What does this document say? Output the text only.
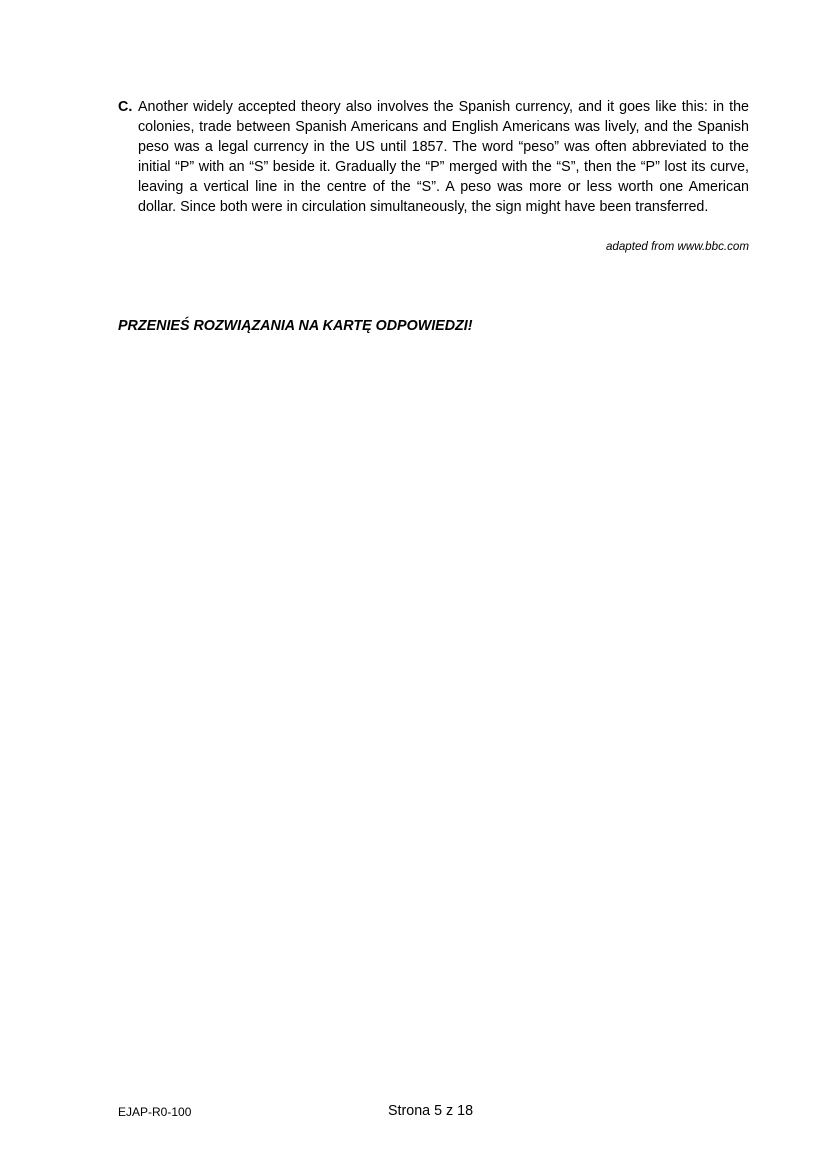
C. Another widely accepted theory also involves the Spanish currency, and it goes like this: in the colonies, trade between Spanish Americans and English Americans was lively, and the Spanish peso was a legal currency in the US until 1857. The word “peso” was often abbreviated to the initial “P” with an “S” beside it. Gradually the “P” merged with the “S”, then the “P” lost its curve, leaving a vertical line in the centre of the “S”. A peso was more or less worth one American dollar. Since both were in circulation simultaneously, the sign might have been transferred.
adapted from www.bbc.com
PRZENIEŚ ROZWIĄZANIA NA KARTĘ ODPOWIEDZI!
EJAP-R0-100	Strona 5 z 18
